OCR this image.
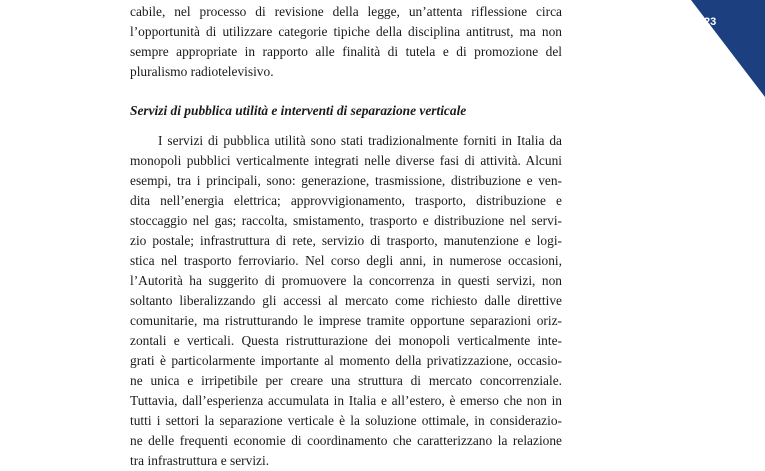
23
cabile, nel processo di revisione della legge, un’attenta riflessione circa
l’opportunità di utilizzare categorie tipiche della disciplina antitrust, ma non
sempre appropriate in rapporto alle finalità di tutela e di promozione del
pluralismo radiotelevisivo.
Servizi di pubblica utilità e interventi di separazione verticale
I servizi di pubblica utilità sono stati tradizionalmente forniti in Italia da
monopoli pubblici verticalmente integrati nelle diverse fasi di attività. Alcuni
esempi, tra i principali, sono: generazione, trasmissione, distribuzione e ven-
dita nell’energia elettrica; approvvigionamento, trasporto, distribuzione e
stoccaggio nel gas; raccolta, smistamento, trasporto e distribuzione nel servi-
zio postale; infrastruttura di rete, servizio di trasporto, manutenzione e logi-
stica nel trasporto ferroviario. Nel corso degli anni, in numerose occasioni,
l’Autorità ha suggerito di promuovere la concorrenza in questi servizi, non
soltanto liberalizzando gli accessi al mercato come richiesto dalle direttive
comunitarie, ma ristrutturando le imprese tramite opportune separazioni oriz-
zontali e verticali. Questa ristrutturazione dei monopoli verticalmente inte-
grati è particolarmente importante al momento della privatizzazione, occasio-
ne unica e irripetibile per creare una struttura di mercato concorrenziale.
Tuttavia, dall’esperienza accumulata in Italia e all’estero, è emerso che non in
tutti i settori la separazione verticale è la soluzione ottimale, in considerazio-
ne delle frequenti economie di coordinamento che caratterizzano la relazione
tra infrastruttura e servizi.
